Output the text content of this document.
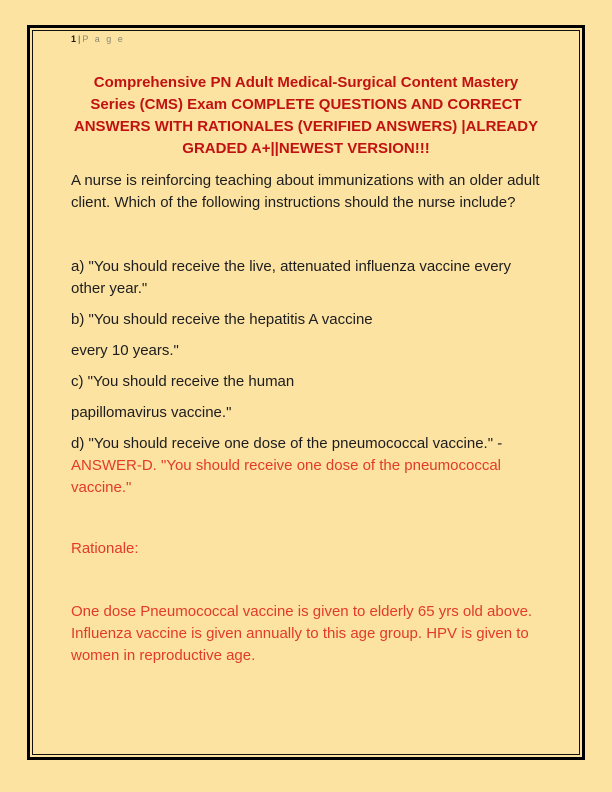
1 | P a g e

Comprehensive PN Adult Medical-Surgical Content Mastery Series (CMS) Exam COMPLETE QUESTIONS AND CORRECT ANSWERS WITH RATIONALES (VERIFIED ANSWERS) |ALREADY GRADED A+||NEWEST VERSION!!!

A nurse is reinforcing teaching about immunizations with an older adult client. Which of the following instructions should the nurse include?

a) "You should receive the live, attenuated influenza vaccine every other year."

b) "You should receive the hepatitis A vaccine

every 10 years."

c) "You should receive the human

papillomavirus vaccine."

d) "You should receive one dose of the pneumococcal vaccine." - ANSWER-D. "You should receive one dose of the pneumococcal vaccine."

Rationale:

One dose Pneumococcal vaccine is given to elderly 65 yrs old above. Influenza vaccine is given annually to this age group. HPV is given to women in reproductive age.
